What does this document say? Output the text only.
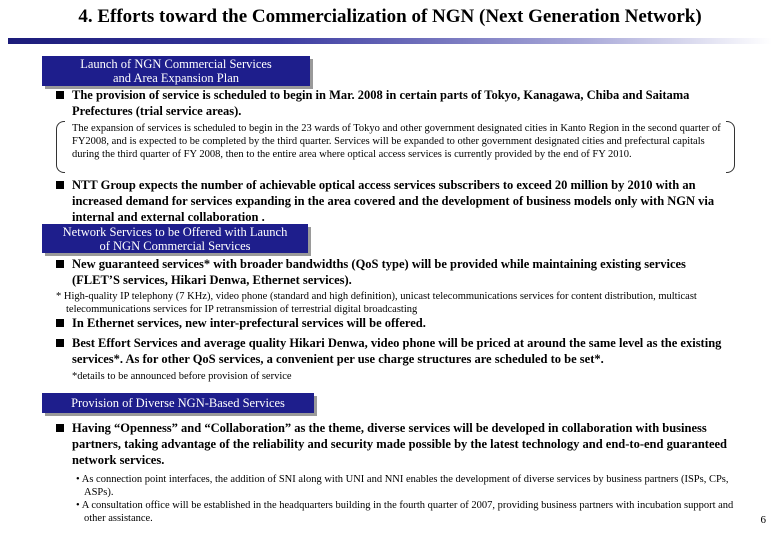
4. Efforts toward the Commercialization of NGN (Next Generation Network)
Launch of NGN Commercial Services
and Area Expansion Plan
The provision of service is scheduled to begin in Mar. 2008 in certain parts of Tokyo, Kanagawa, Chiba and Saitama Prefectures (trial service areas).
The expansion of services is scheduled to begin in the 23 wards of Tokyo and other government designated cities in Kanto Region in the second quarter of FY2008, and is expected to be completed by the third quarter. Services will be expanded to other government designated cities and prefectural capitals during the third quarter of FY 2008, then to the entire area where optical access services is currently provided by the end of FY 2010.
NTT Group expects the number of achievable optical access services subscribers to exceed 20 million by 2010 with an increased demand for services expanding in the area covered and the development of business models only with NGN via internal and external collaboration .
Network Services to be Offered with Launch
of NGN Commercial Services
New guaranteed services* with broader bandwidths (QoS type) will be provided while maintaining existing services (FLET’S services, Hikari Denwa, Ethernet services).
* High-quality IP telephony (7 KHz), video phone (standard and high definition), unicast telecommunications services for content distribution, multicast telecommunications services for IP retransmission of terrestrial digital broadcasting
In Ethernet services, new inter-prefectural services will be offered.
Best Effort Services and average quality Hikari Denwa, video phone will be priced at around the same level as the existing services*. As for other QoS services, a convenient per use charge structures are scheduled to be set*.
*details to be announced before provision of service
Provision of Diverse NGN-Based Services
Having “Openness” and “Collaboration” as the theme, diverse services will be developed in collaboration with business partners, taking advantage of the reliability and security made possible by the latest technology and end-to-end guaranteed network services.
• As connection point interfaces, the addition of SNI along with UNI and NNI enables the development of diverse services by business partners (ISPs, CPs, ASPs).
• A consultation office will be established in the headquarters building in the fourth quarter of 2007, providing business partners with incubation support and other assistance.	6
